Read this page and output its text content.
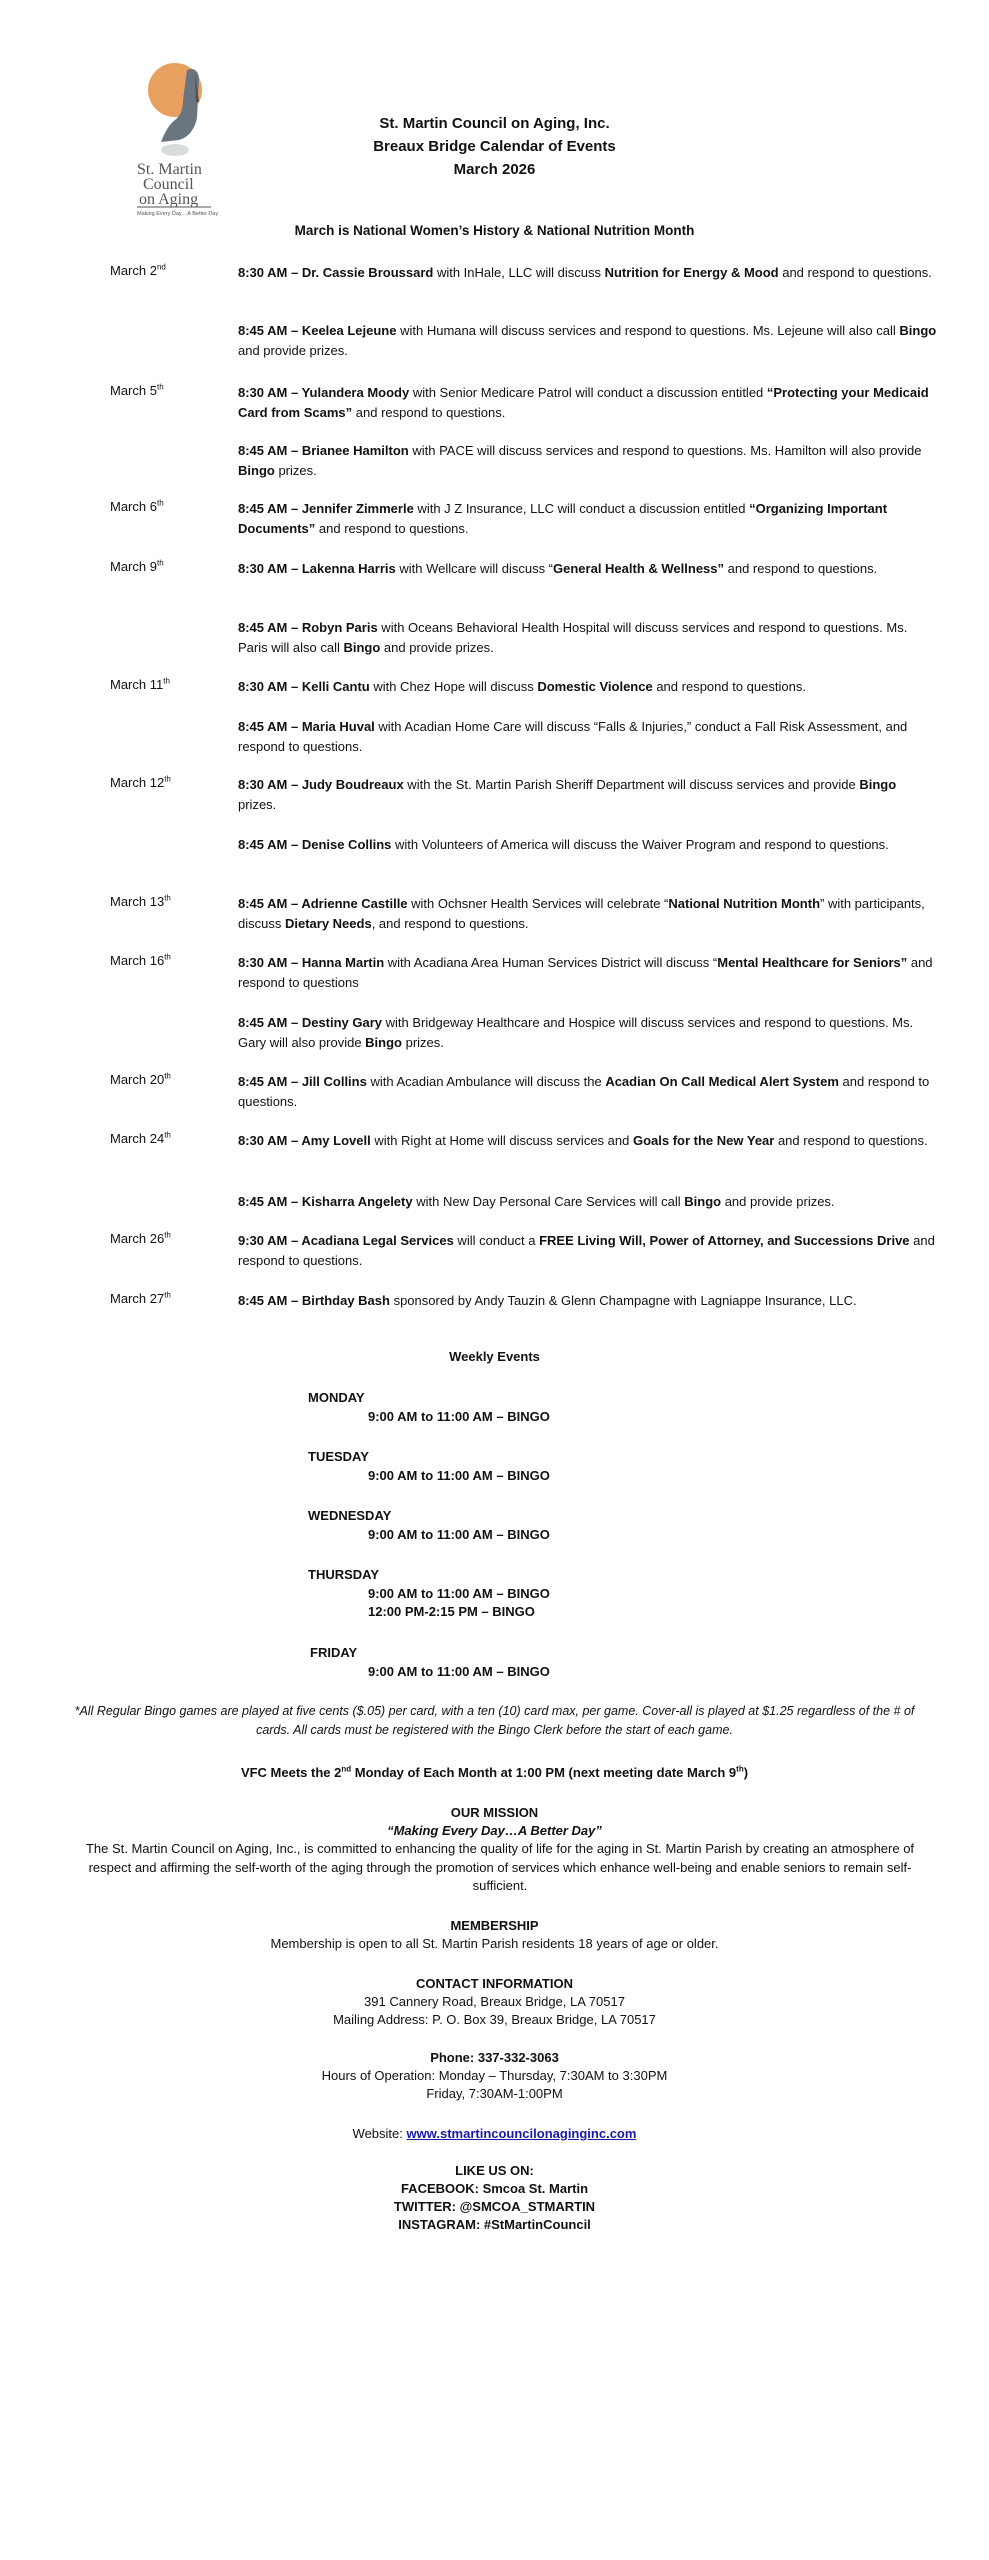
St. Martin
Council
on Aging
Making Every Day....A Better Day
St. Martin Council on Aging, Inc.
Breaux Bridge Calendar of Events
March 2026
March is National Women’s History & National Nutrition Month
March 2nd	8:30 AM – Dr. Cassie Broussard with InHale, LLC will discuss Nutrition for Energy & Mood and respond to questions.
8:45 AM – Keelea Lejeune with Humana will discuss services and respond to questions. Ms. Lejeune will also call Bingo and provide prizes.
March 5th	8:30 AM – Yulandera Moody with Senior Medicare Patrol will conduct a discussion entitled “Protecting your Medicaid Card from Scams” and respond to questions.
8:45 AM – Brianee Hamilton with PACE will discuss services and respond to questions. Ms. Hamilton will also provide Bingo prizes.
March 6th	8:45 AM – Jennifer Zimmerle with J Z Insurance, LLC will conduct a discussion entitled “Organizing Important Documents” and respond to questions.
March 9th	8:30 AM – Lakenna Harris with Wellcare will discuss “General Health & Wellness” and respond to questions.
8:45 AM – Robyn Paris with Oceans Behavioral Health Hospital will discuss services and respond to questions. Ms. Paris will also call Bingo and provide prizes.
March 11th	8:30 AM – Kelli Cantu with Chez Hope will discuss Domestic Violence and respond to questions.
8:45 AM – Maria Huval with Acadian Home Care will discuss “Falls & Injuries,” conduct a Fall Risk Assessment, and respond to questions.
March 12th	8:30 AM – Judy Boudreaux with the St. Martin Parish Sheriff Department will discuss services and provide Bingo prizes.
8:45 AM – Denise Collins with Volunteers of America will discuss the Waiver Program and respond to questions.
March 13th	8:45 AM – Adrienne Castille with Ochsner Health Services will celebrate “National Nutrition Month” with participants, discuss Dietary Needs, and respond to questions.
March 16th	8:30 AM – Hanna Martin with Acadiana Area Human Services District will discuss “Mental Healthcare for Seniors” and respond to questions
8:45 AM – Destiny Gary with Bridgeway Healthcare and Hospice will discuss services and respond to questions. Ms. Gary will also provide Bingo prizes.
March 20th	8:45 AM – Jill Collins with Acadian Ambulance will discuss the Acadian On Call Medical Alert System and respond to questions.
March 24th	8:30 AM – Amy Lovell with Right at Home will discuss services and Goals for the New Year and respond to questions.
8:45 AM – Kisharra Angelety with New Day Personal Care Services will call Bingo and provide prizes.
March 26th	9:30 AM – Acadiana Legal Services will conduct a FREE Living Will, Power of Attorney, and Successions Drive and respond to questions.
March 27th	8:45 AM – Birthday Bash sponsored by Andy Tauzin & Glenn Champagne with Lagniappe Insurance, LLC.
Weekly Events
MONDAY
9:00 AM to 11:00 AM – BINGO
TUESDAY
9:00 AM to 11:00 AM – BINGO
WEDNESDAY
9:00 AM to 11:00 AM – BINGO
THURSDAY
9:00 AM to 11:00 AM – BINGO
12:00 PM-2:15 PM – BINGO
FRIDAY
9:00 AM to 11:00 AM – BINGO
*All Regular Bingo games are played at five cents ($.05) per card, with a ten (10) card max, per game. Cover-all is played at $1.25 regardless of the # of cards. All cards must be registered with the Bingo Clerk before the start of each game.
VFC Meets the 2nd Monday of Each Month at 1:00 PM (next meeting date March 9th)
OUR MISSION
“Making Every Day…A Better Day”
The St. Martin Council on Aging, Inc., is committed to enhancing the quality of life for the aging in St. Martin Parish by creating an atmosphere of respect and affirming the self-worth of the aging through the promotion of services which enhance well-being and enable seniors to remain self-sufficient.
MEMBERSHIP
Membership is open to all St. Martin Parish residents 18 years of age or older.
CONTACT INFORMATION
391 Cannery Road, Breaux Bridge, LA 70517
Mailing Address: P. O. Box 39, Breaux Bridge, LA 70517
Phone: 337-332-3063
Hours of Operation: Monday – Thursday, 7:30AM to 3:30PM
Friday, 7:30AM-1:00PM
Website: www.stmartincouncilonaginginc.com
LIKE US ON:
FACEBOOK: Smcoa St. Martin
TWITTER: @SMCOA_STMARTIN
INSTAGRAM: #StMartinCouncil
